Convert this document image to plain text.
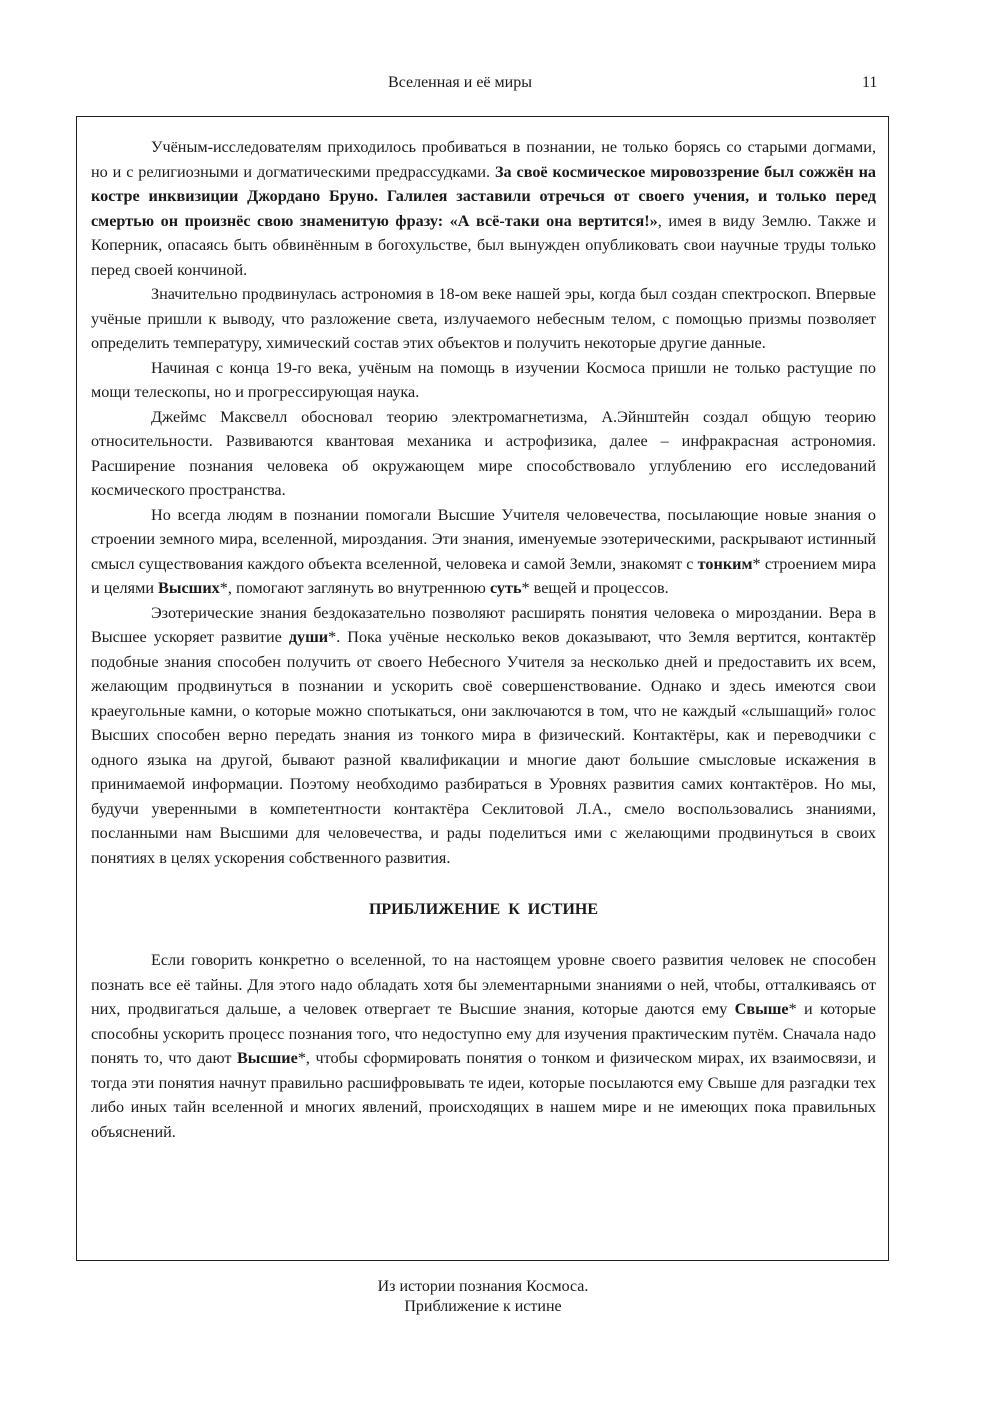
Вселенная и её миры	11

Учёным-исследователям приходилось пробиваться в познании, не только борясь со старыми догмами, но и с религиозными и догматическими предрассудками. За своё космическое мировоззрение был сожжён на костре инквизиции Джордано Бруно. Галилея заставили отречься от своего учения, и только перед смертью он произнёс свою знаменитую фразу: «А всё-таки она вертится!», имея в виду Землю. Также и Коперник, опасаясь быть обвинённым в богохульстве, был вынужден опубликовать свои научные труды только перед своей кончиной.

Значительно продвинулась астрономия в 18-ом веке нашей эры, когда был создан спектроскоп. Впервые учёные пришли к выводу, что разложение света, излучаемого небесным телом, с помощью призмы позволяет определить температуру, химический состав этих объектов и получить некоторые другие данные.

Начиная с конца 19-го века, учёным на помощь в изучении Космоса пришли не только растущие по мощи телескопы, но и прогрессирующая наука.

Джеймс Максвелл обосновал теорию электромагнетизма, А.Эйнштейн создал общую теорию относительности. Развиваются квантовая механика и астрофизика, далее – инфракрасная астрономия. Расширение познания человека об окружающем мире способствовало углублению его исследований космического пространства.

Но всегда людям в познании помогали Высшие Учителя человечества, посылающие новые знания о строении земного мира, вселенной, мироздания. Эти знания, именуемые эзотерическими, раскрывают истинный смысл существования каждого объекта вселенной, человека и самой Земли, знакомят с тонким* строением мира и целями Высших*, помогают заглянуть во внутреннюю суть* вещей и процессов.

Эзотерические знания бездоказательно позволяют расширять понятия человека о мироздании. Вера в Высшее ускоряет развитие души*. Пока учёные несколько веков доказывают, что Земля вертится, контактёр подобные знания способен получить от своего Небесного Учителя за несколько дней и предоставить их всем, желающим продвинуться в познании и ускорить своё совершенствование. Однако и здесь имеются свои краеугольные камни, о которые можно спотыкаться, они заключаются в том, что не каждый «слышащий» голос Высших способен верно передать знания из тонкого мира в физический. Контактёры, как и переводчики с одного языка на другой, бывают разной квалификации и многие дают большие смысловые искажения в принимаемой информации. Поэтому необходимо разбираться в Уровнях развития самих контактёров. Но мы, будучи уверенными в компетентности контактёра Секлитовой Л.А., смело воспользовались знаниями, посланными нам Высшими для человечества, и рады поделиться ими с желающими продвинуться в своих понятиях в целях ускорения собственного развития.

ПРИБЛИЖЕНИЕ К ИСТИНЕ

Если говорить конкретно о вселенной, то на настоящем уровне своего развития человек не способен познать все её тайны. Для этого надо обладать хотя бы элементарными знаниями о ней, чтобы, отталкиваясь от них, продвигаться дальше, а человек отвергает те Высшие знания, которые даются ему Свыше* и которые способны ускорить процесс познания того, что недоступно ему для изучения практическим путём. Сначала надо понять то, что дают Высшие*, чтобы сформировать понятия о тонком и физическом мирах, их взаимосвязи, и тогда эти понятия начнут правильно расшифровывать те идеи, которые посылаются ему Свыше для разгадки тех либо иных тайн вселенной и многих явлений, происходящих в нашем мире и не имеющих пока правильных объяснений.

Из истории познания Космоса.
Приближение к истине
